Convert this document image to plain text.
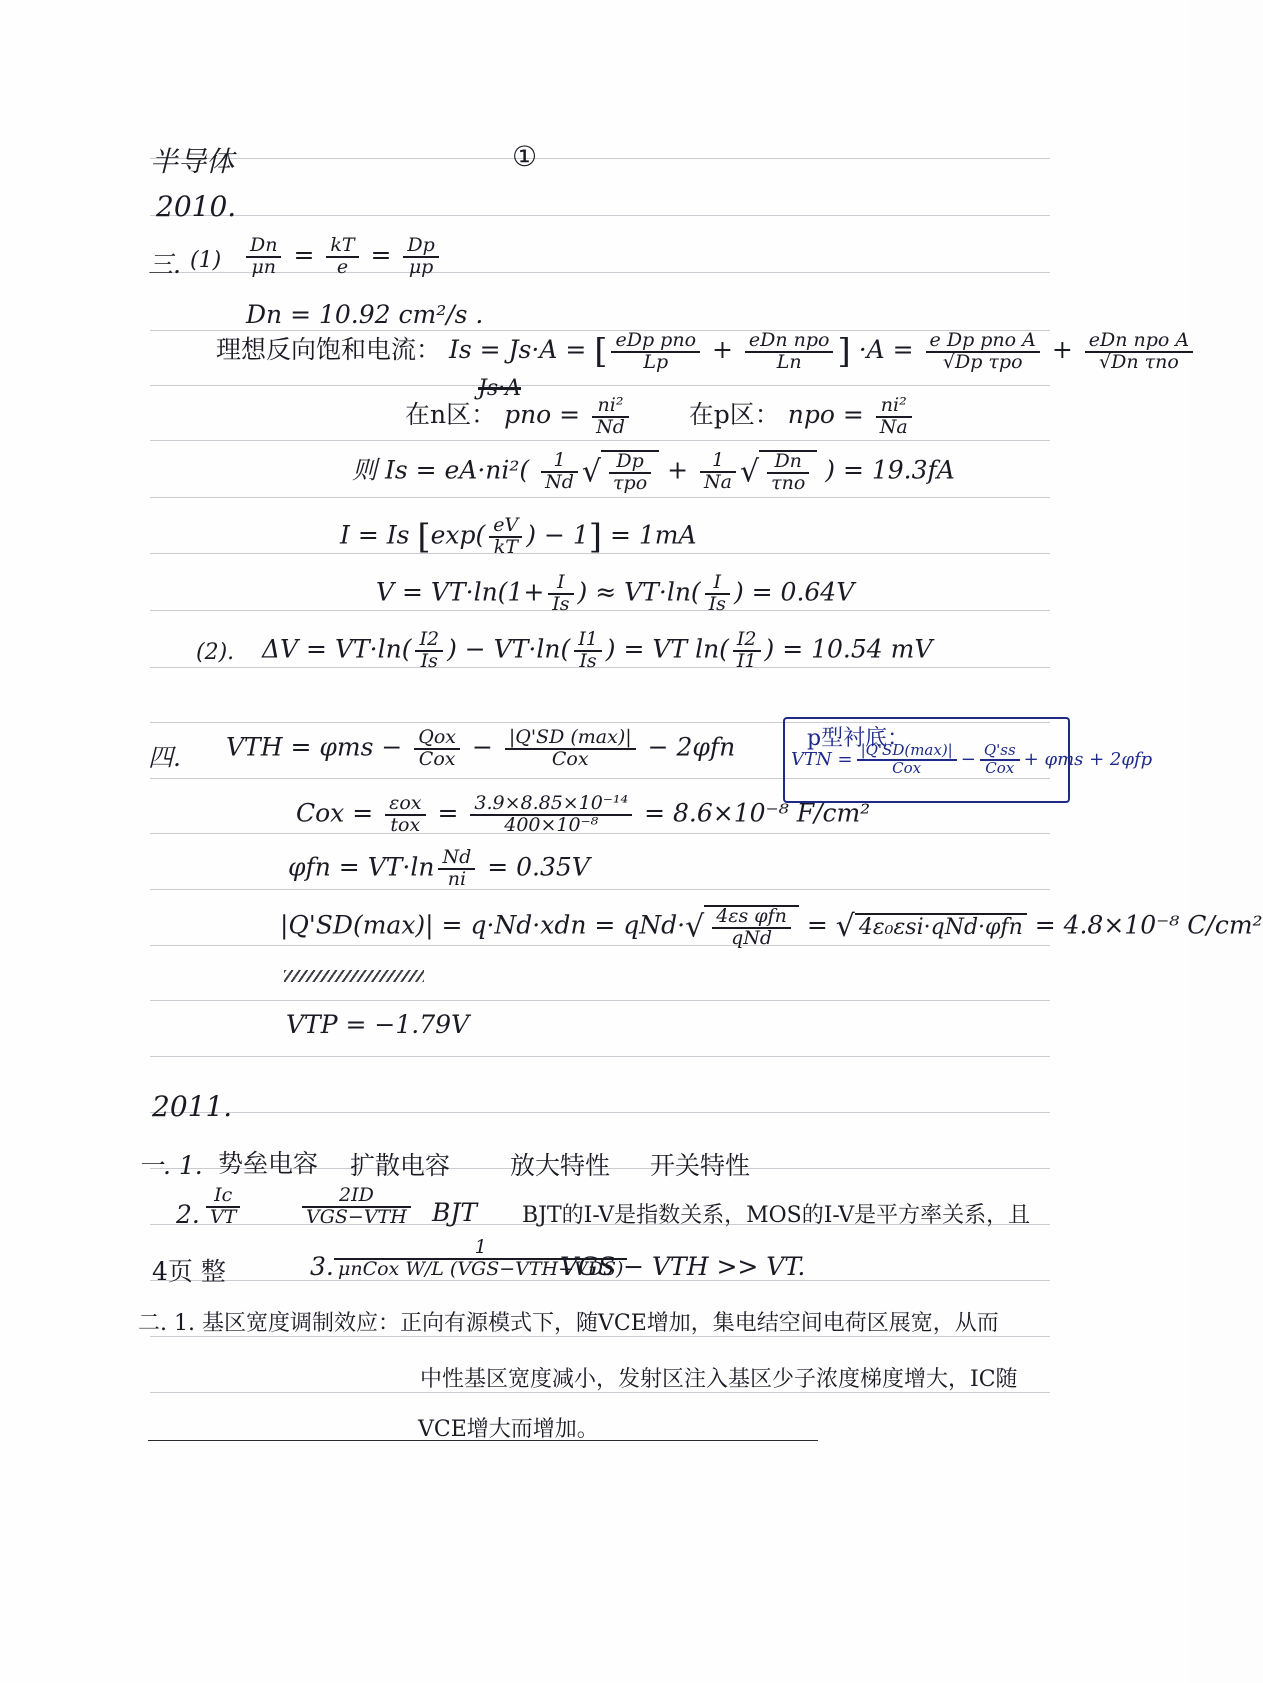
半导体	①
2010.
三. $(1) \frac{Dn}{\mu n} = \frac{kT}{e} = \frac{Dp}{\mu p}$
Dn = 10.92 cm²/s .
理想反向饱和电流： Is = Js·A = [ $\frac{\text{eDp pno}}{Lp} + \frac{\text{eDn npo}}{Ln}$ ] $\cdot A = \frac{\text{e Dp pno A}}{\text{√Dp τpo}} + \frac{\text{eDn npo A}}{\text{√Dn τno}}$
Js·A
在n区： pno = $\frac{\text{ni²}}{Nd}$ 在p区： npo = $\frac{\text{ni²}}{Na}$
则 $Is = eA\cdot ni^2( \frac{1}{Nd}$ √ $\frac{Dp}{\text{τpo}} + \frac{1}{Na}$ √ $\frac{Dn}{\text{τno}}$ ) = 19.3fA
I = Is [$\exp( \frac{eV}{kT}$ ) − 1] = 1mA
$V = VT\cdot\ln(1+ \frac{I}{Is}$ ) ≈ $VT\cdot\ln( \frac{I}{Is}$ ) = 0.64V
(2). $\Delta V = VT\cdot\ln( \frac{I2}{Is}$ ) − $VT\cdot\ln( \frac{I1}{Is}$ ) = VT $\ln( \frac{I2}{I1}$ ) = 10.54 mV
四. VTH = $\varphi ms - \frac{\text{Qox}}{\text{Cox}} - \frac{|Q'SD (\max)|}{\text{Cox}} - 2\varphi fn$	p型衬底：
VTN = $\frac{|Q'SD(\max)|}{\text{Cox}} - \frac{Q'ss}{\text{Cox}} + \varphi ms + 2\varphi fp$
Cox = $\frac{\text{εox}}{\text{tox}} = \frac{\text{3.9×8.85×10⁻¹⁴}}{\text{400×10⁻⁸}} = 8.6\times 10^{-8}$ F/cm²
$\varphi fn = VT\cdot\ln \frac{Nd}{ni} = 0.35V$
$|Q'SD(\max)| = q\cdot Nd\cdot xdn = qNd\cdot√ \frac{\text{4εs φfn}}{\text{qNd}}$ = √ 4ε₀εsi·qNd·φfn = 4.8×10⁻⁸ C/cm²
VTP = −1.79V
2011.
一. 1. 势垒电容 扩散电容 放大特性 开关特性
2. $\frac{Ic}{VT}$	$\frac{2ID}{\text{VGS−VTH}}$ BJT BJT的I-V是指数关系，MOS的I-V是平方率关系，且
4页 整	3. $\frac{1}{\text{μnCox W/L (VGS−VTH+VDS)}}$
VGS − VTH >> VT.
二. 1. 基区宽度调制效应：正向有源模式下，随VCE增加，集电结空间电荷区展宽，从而
中性基区宽度减小，发射区注入基区少子浓度梯度增大，IC随
VCE增大而增加。
